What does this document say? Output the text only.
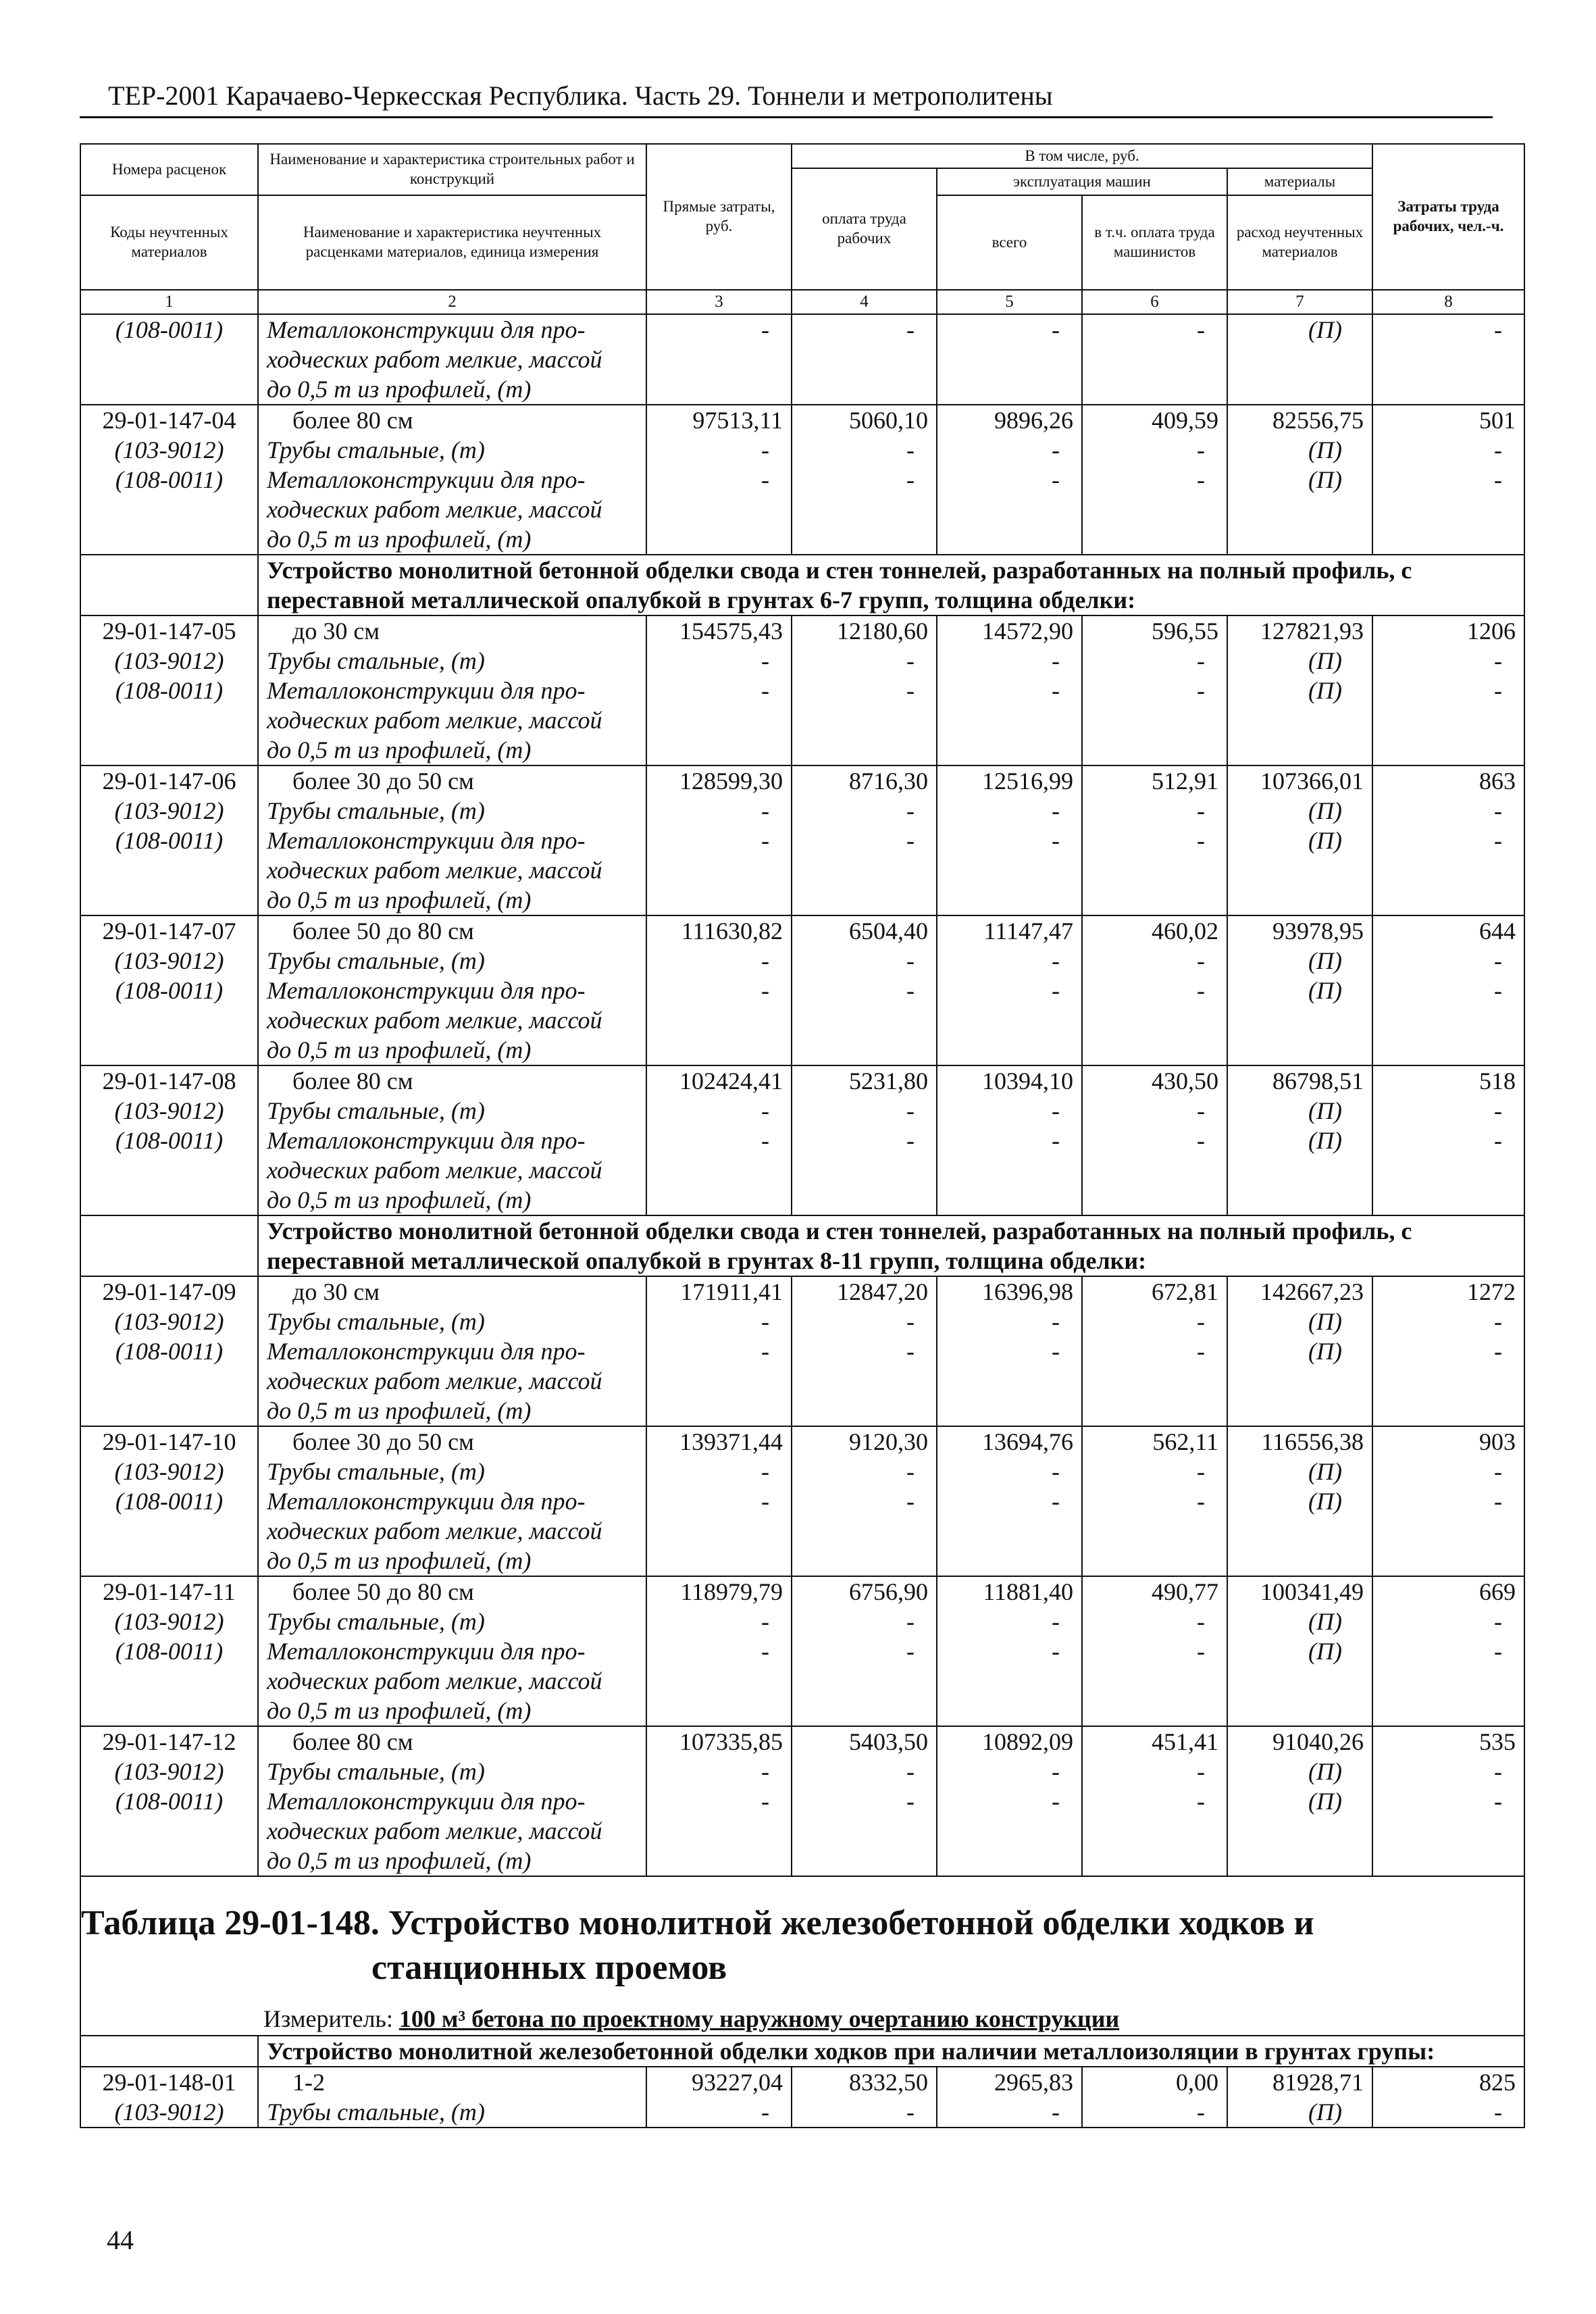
ТЕР-2001 Карачаево-Черкесская Республика. Часть 29. Тоннели и метрополитены
Номера расценок	Наименование и характеристика строительных работ и конструкций	Прямые затраты, руб.	В том числе, руб.				Затраты труда рабочих, чел.-ч.
			оплата труда рабочих	эксплуатация машин		материалы	
Коды неучтенных материалов	Наименование и характеристика неучтенных расценками материалов, единица измерения			всего	в т.ч. оплата труда машинистов	расход неучтенных материалов	

1	2	3	4	5	6	7	8
(108-0011)	Металлоконструкции для про-
ходческих работ мелкие, массой
до 0,5 т из профилей, (т)	-	-	-	-	(П)	-
29-01-147-04	более 80 см	97513,11	5060,10	9896,26	409,59	82556,75	501
(103-9012)	Трубы стальные, (т)	-	-	-	-	(П)	-
(108-0011)	Металлоконструкции для про-
ходческих работ мелкие, массой
до 0,5 т из профилей, (т)	-	-	-	-	(П)	-
	Устройство монолитной бетонной обделки свода и стен тоннелей, разработанных на полный профиль, с переставной металлической опалубкой в грунтах 6-7 групп, толщина обделки:						
29-01-147-05	до 30 см	154575,43	12180,60	14572,90	596,55	127821,93	1206
(103-9012)	Трубы стальные, (т)	-	-	-	-	(П)	-
(108-0011)	Металлоконструкции для про-
ходческих работ мелкие, массой
до 0,5 т из профилей, (т)	-	-	-	-	(П)	-
29-01-147-06	более 30 до 50 см	128599,30	8716,30	12516,99	512,91	107366,01	863
(103-9012)	Трубы стальные, (т)	-	-	-	-	(П)	-
(108-0011)	Металлоконструкции для про-
ходческих работ мелкие, массой
до 0,5 т из профилей, (т)	-	-	-	-	(П)	-
29-01-147-07	более 50 до 80 см	111630,82	6504,40	11147,47	460,02	93978,95	644
(103-9012)	Трубы стальные, (т)	-	-	-	-	(П)	-
(108-0011)	Металлоконструкции для про-
ходческих работ мелкие, массой
до 0,5 т из профилей, (т)	-	-	-	-	(П)	-
29-01-147-08	более 80 см	102424,41	5231,80	10394,10	430,50	86798,51	518
(103-9012)	Трубы стальные, (т)	-	-	-	-	(П)	-
(108-0011)	Металлоконструкции для про-
ходческих работ мелкие, массой
до 0,5 т из профилей, (т)	-	-	-	-	(П)	-
	Устройство монолитной бетонной обделки свода и стен тоннелей, разработанных на полный профиль, с переставной металлической опалубкой в грунтах 8-11 групп, толщина обделки:						
29-01-147-09	до 30 см	171911,41	12847,20	16396,98	672,81	142667,23	1272
(103-9012)	Трубы стальные, (т)	-	-	-	-	(П)	-
(108-0011)	Металлоконструкции для про-
ходческих работ мелкие, массой
до 0,5 т из профилей, (т)	-	-	-	-	(П)	-
29-01-147-10	более 30 до 50 см	139371,44	9120,30	13694,76	562,11	116556,38	903
(103-9012)	Трубы стальные, (т)	-	-	-	-	(П)	-
(108-0011)	Металлоконструкции для про-
ходческих работ мелкие, массой
до 0,5 т из профилей, (т)	-	-	-	-	(П)	-
29-01-147-11	более 50 до 80 см	118979,79	6756,90	11881,40	490,77	100341,49	669
(103-9012)	Трубы стальные, (т)	-	-	-	-	(П)	-
(108-0011)	Металлоконструкции для про-
ходческих работ мелкие, массой
до 0,5 т из профилей, (т)	-	-	-	-	(П)	-
29-01-147-12	более 80 см	107335,85	5403,50	10892,09	451,41	91040,26	535
(103-9012)	Трубы стальные, (т)	-	-	-	-	(П)	-
(108-0011)	Металлоконструкции для про-
ходческих работ мелкие, массой
до 0,5 т из профилей, (т)	-	-	-	-	(П)	-

Таблица 29-01-148. Устройство монолитной железобетонной обделки ходков и станционных проемов
Измеритель: 100 м³ бетона по проектному наружному очертанию конструкции							

	Устройство монолитной железобетонной обделки ходков при наличии металлоизоляции в грунтах групы:						
29-01-148-01	1-2	93227,04	8332,50	2965,83	0,00	81928,71	825
(103-9012)	Трубы стальные, (т)	-	-	-	-	(П)	-
44
